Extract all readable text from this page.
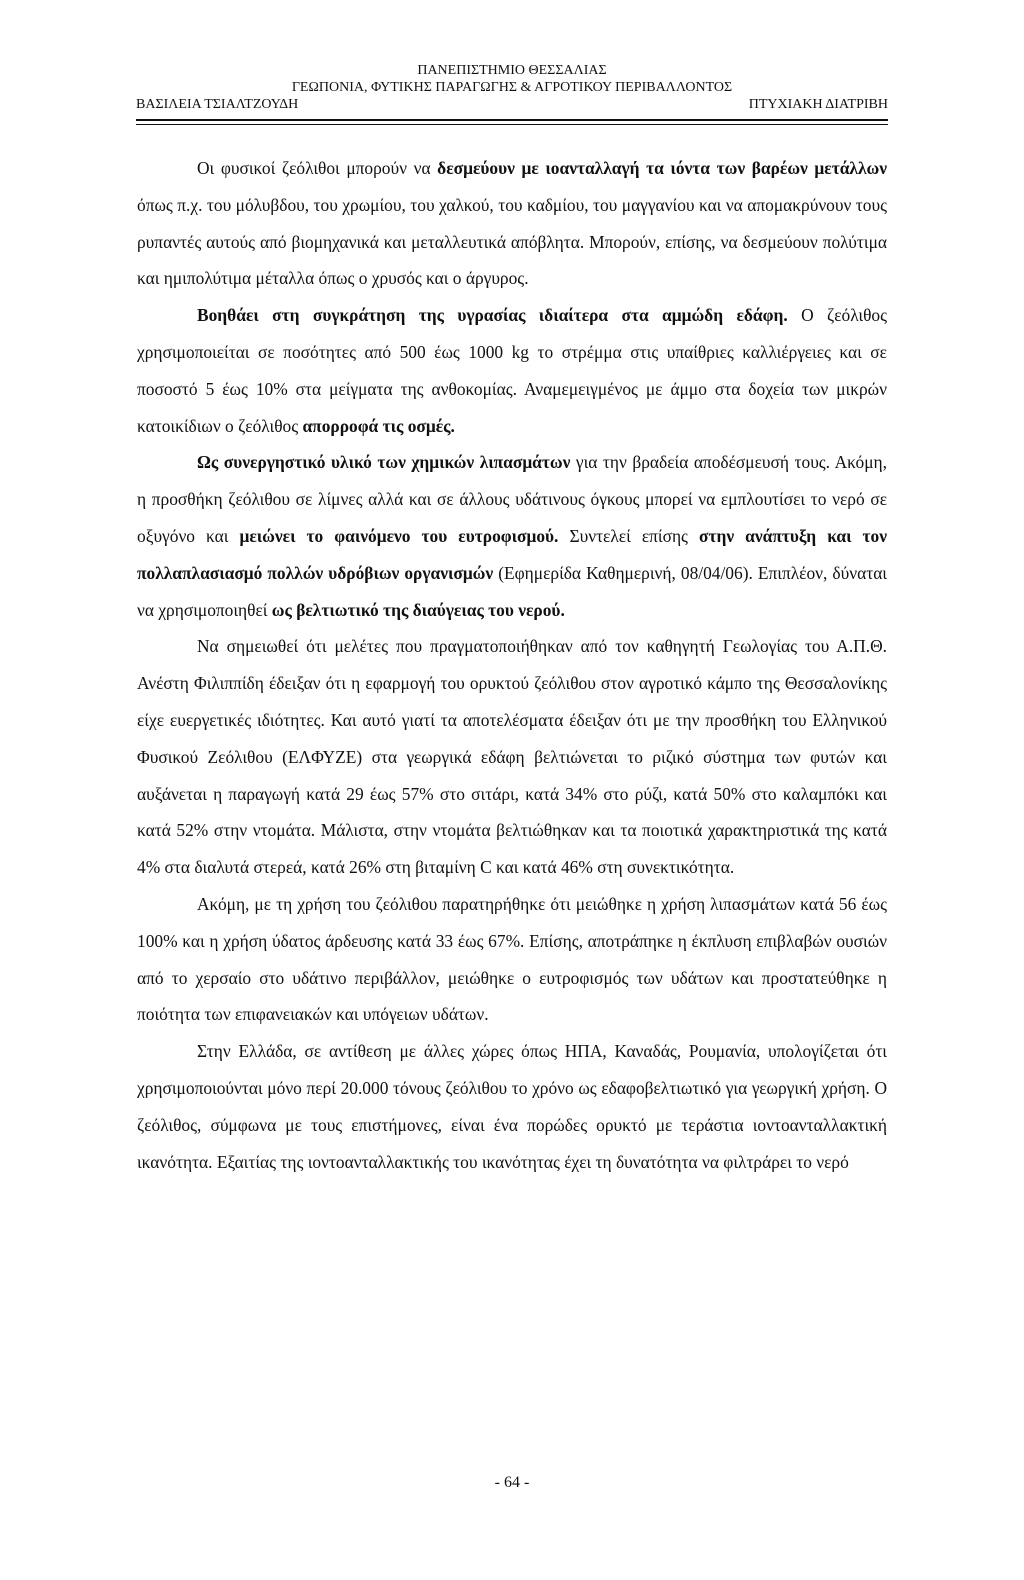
ΠΑΝΕΠΙΣΤΗΜΙΟ ΘΕΣΣΑΛΙΑΣ
ΓΕΩΠΟΝΙΑ, ΦΥΤΙΚΗΣ ΠΑΡΑΓΩΓΗΣ & ΑΓΡΟΤΙΚΟΥ ΠΕΡΙΒΑΛΛΟΝΤΟΣ
ΒΑΣΙΛΕΙΑ ΤΣΙΑΛΤΖΟΥΔΗ	ΠΤΥΧΙΑΚΗ ΔΙΑΤΡΙΒΗ

Οι φυσικοί ζεόλιθοι μπορούν να δεσμεύουν με ιοανταλλαγή τα ιόντα των βαρέων μετάλλων όπως π.χ. του μόλυβδου, του χρωμίου, του χαλκού, του καδμίου, του μαγγανίου και να απομακρύνουν τους ρυπαντές αυτούς από βιομηχανικά και μεταλλευτικά απόβλητα. Μπορούν, επίσης, να δεσμεύουν πολύτιμα και ημιπολύτιμα μέταλλα όπως ο χρυσός και ο άργυρος.

Βοηθάει στη συγκράτηση της υγρασίας ιδιαίτερα στα αμμώδη εδάφη. Ο ζεόλιθος χρησιμοποιείται σε ποσότητες από 500 έως 1000 kg το στρέμμα στις υπαίθριες καλλιέργειες και σε ποσοστό 5 έως 10% στα μείγματα της ανθοκομίας. Αναμεμειγμένος με άμμο στα δοχεία των μικρών κατοικίδιων ο ζεόλιθος απορροφά τις οσμές.

Ως συνεργηστικό υλικό των χημικών λιπασμάτων για την βραδεία αποδέσμευσή τους. Ακόμη, η προσθήκη ζεόλιθου σε λίμνες αλλά και σε άλλους υδάτινους όγκους μπορεί να εμπλουτίσει το νερό σε οξυγόνο και μειώνει το φαινόμενο του ευτροφισμού. Συντελεί επίσης στην ανάπτυξη και τον πολλαπλασιασμό πολλών υδρόβιων οργανισμών (Εφημερίδα Καθημερινή, 08/04/06). Επιπλέον, δύναται να χρησιμοποιηθεί ως βελτιωτικό της διαύγειας του νερού.

Να σημειωθεί ότι μελέτες που πραγματοποιήθηκαν από τον καθηγητή Γεωλογίας του Α.Π.Θ. Ανέστη Φιλιππίδη έδειξαν ότι η εφαρμογή του ορυκτού ζεόλιθου στον αγροτικό κάμπο της Θεσσαλονίκης είχε ευεργετικές ιδιότητες. Και αυτό γιατί τα αποτελέσματα έδειξαν ότι με την προσθήκη του Ελληνικού Φυσικού Ζεόλιθου (ΕΛΦΥΖΕ) στα γεωργικά εδάφη βελτιώνεται το ριζικό σύστημα των φυτών και αυξάνεται η παραγωγή κατά 29 έως 57% στο σιτάρι, κατά 34% στο ρύζι, κατά 50% στο καλαμπόκι και κατά 52% στην ντομάτα. Μάλιστα, στην ντομάτα βελτιώθηκαν και τα ποιοτικά χαρακτηριστικά της κατά 4% στα διαλυτά στερεά, κατά 26% στη βιταμίνη C και κατά 46% στη συνεκτικότητα.

Ακόμη, με τη χρήση του ζεόλιθου παρατηρήθηκε ότι μειώθηκε η χρήση λιπασμάτων κατά 56 έως 100% και η χρήση ύδατος άρδευσης κατά 33 έως 67%. Επίσης, αποτράπηκε η έκπλυση επιβλαβών ουσιών από το χερσαίο στο υδάτινο περιβάλλον, μειώθηκε ο ευτροφισμός των υδάτων και προστατεύθηκε η ποιότητα των επιφανειακών και υπόγειων υδάτων.

Στην Ελλάδα, σε αντίθεση με άλλες χώρες όπως ΗΠΑ, Καναδάς, Ρουμανία, υπολογίζεται ότι χρησιμοποιούνται μόνο περί 20.000 τόνους ζεόλιθου το χρόνο ως εδαφοβελτιωτικό για γεωργική χρήση. Ο ζεόλιθος, σύμφωνα με τους επιστήμονες, είναι ένα πορώδες ορυκτό με τεράστια ιοντοανταλλακτική ικανότητα. Εξαιτίας της ιοντοανταλλακτικής του ικανότητας έχει τη δυνατότητα να φιλτράρει το νερό

- 64 -
